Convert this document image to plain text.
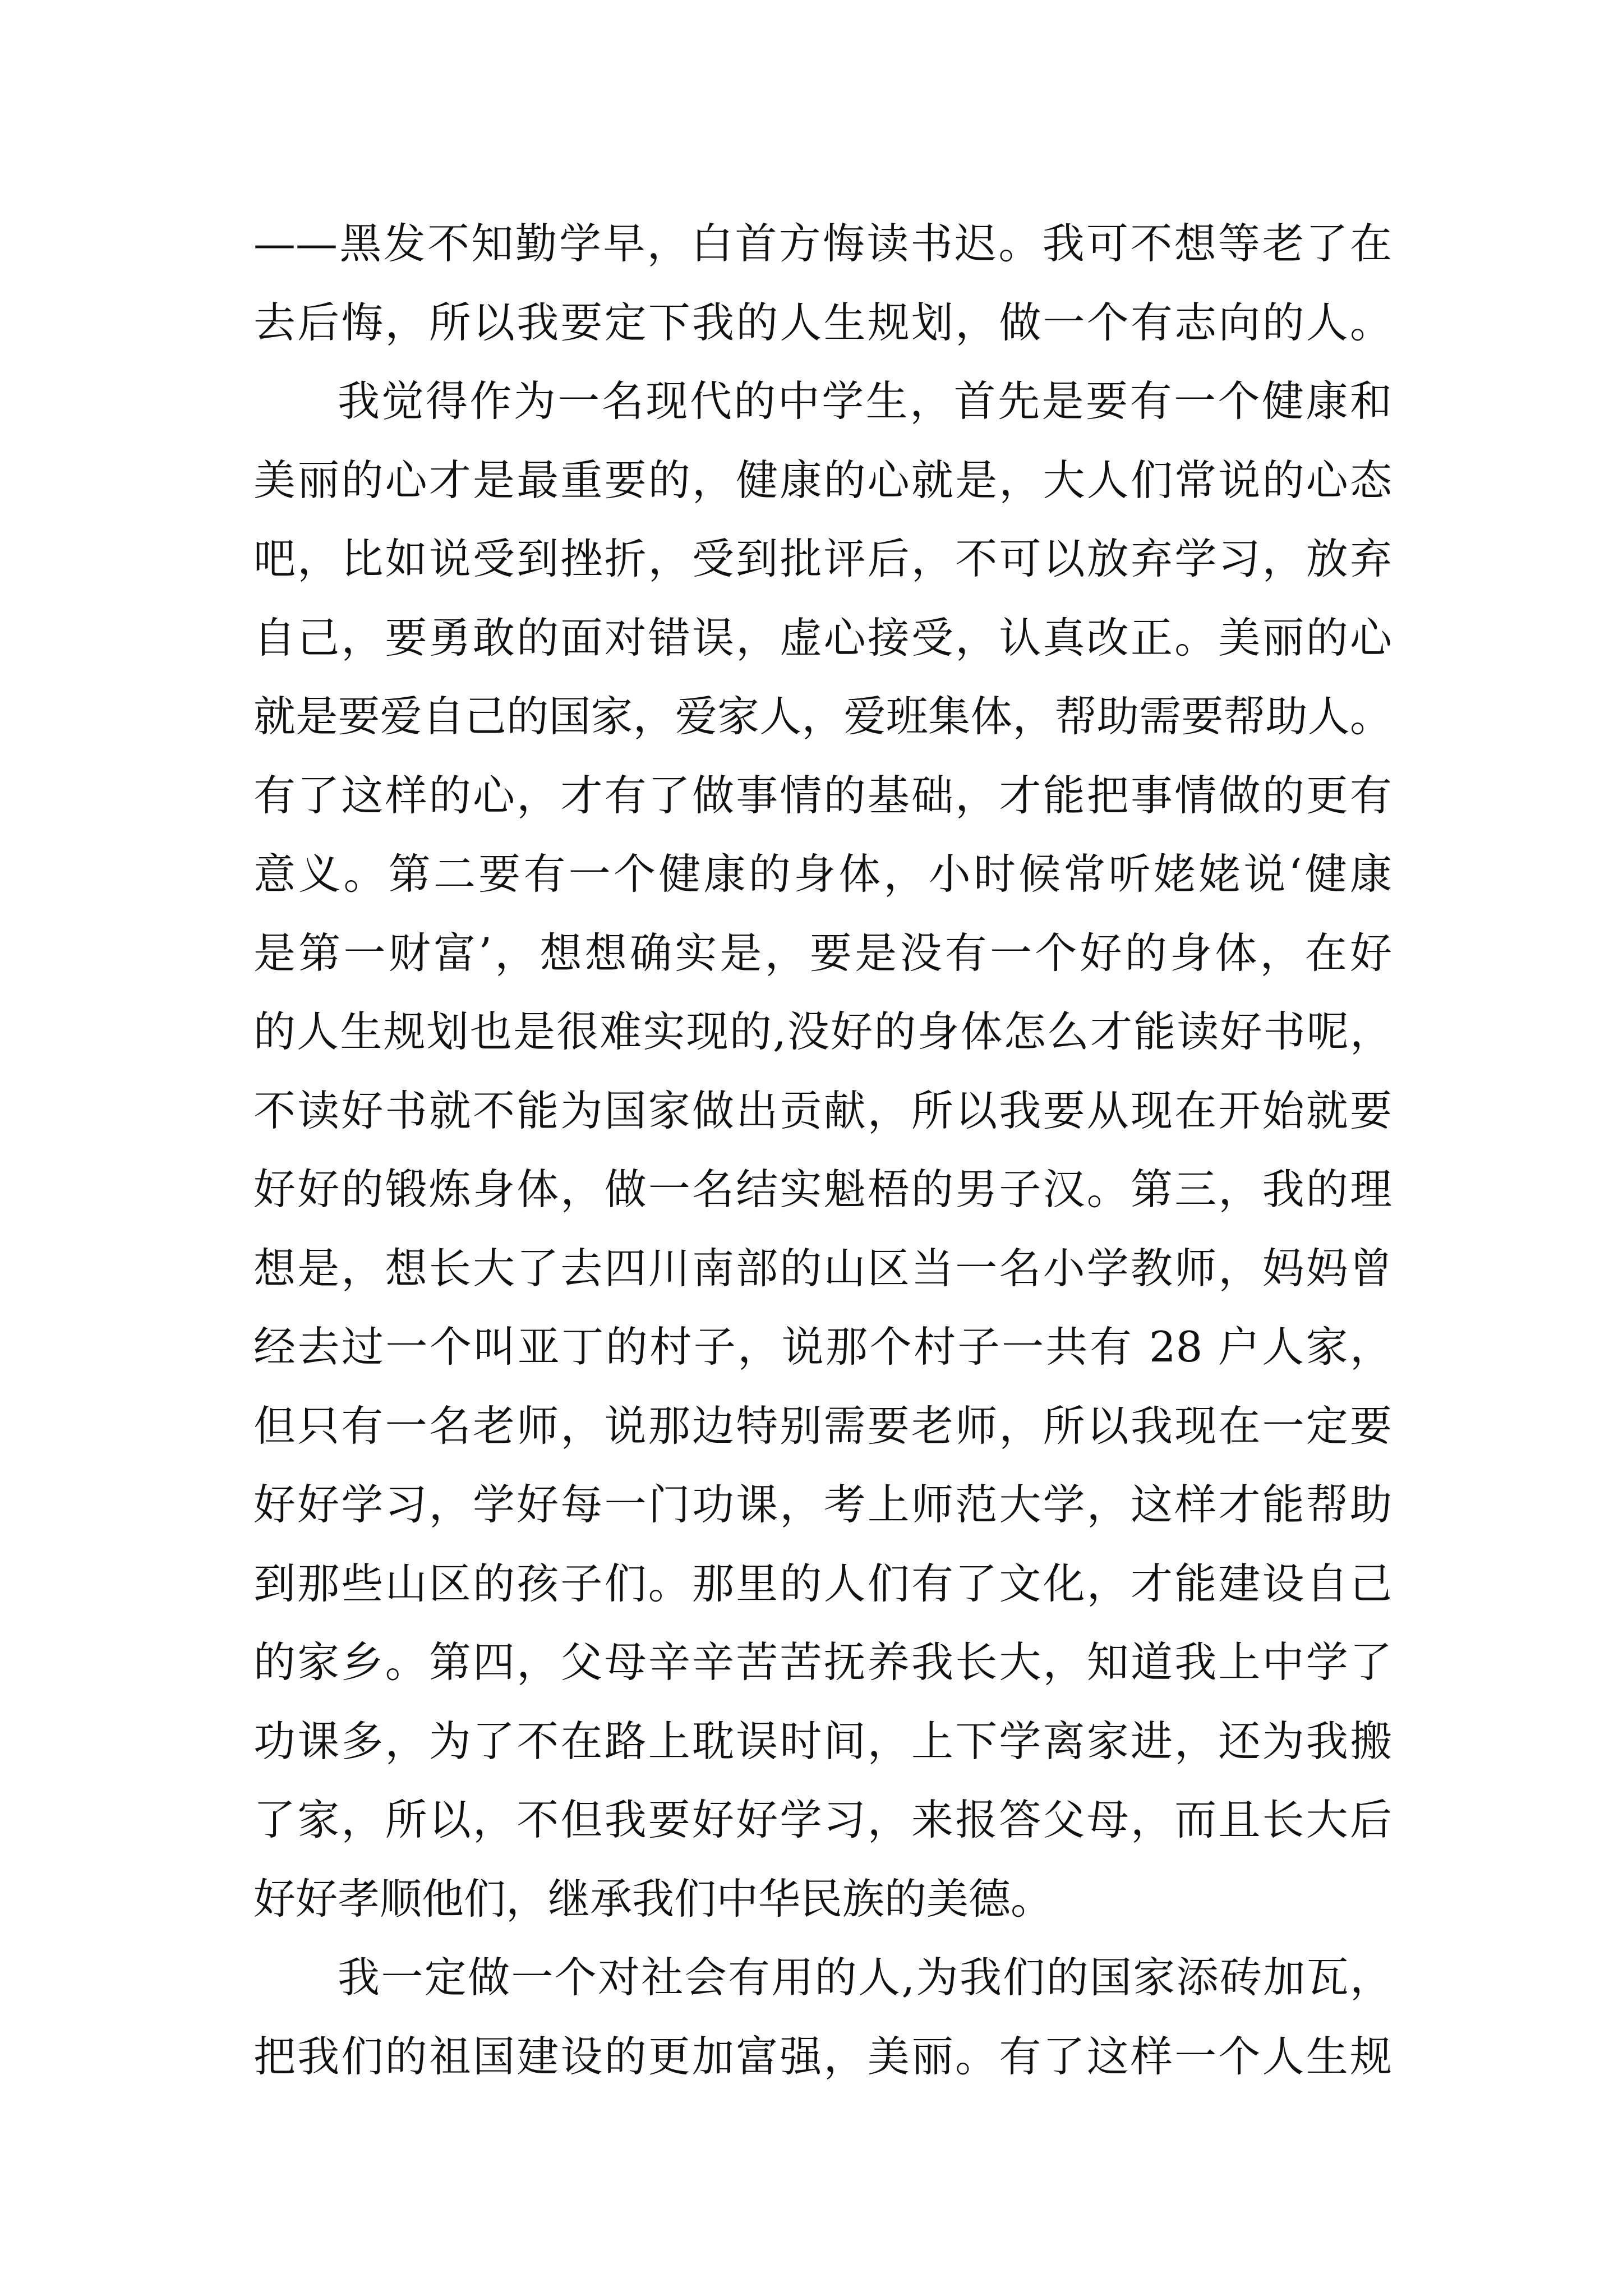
——黑发不知勤学早，白首方悔读书迟。我可不想等老了在
去后悔，所以我要定下我的人生规划，做一个有志向的人。
我觉得作为一名现代的中学生，首先是要有一个健康和
美丽的心才是最重要的，健康的心就是，大人们常说的心态
吧，比如说受到挫折，受到批评后，不可以放弃学习，放弃
自己，要勇敢的面对错误，虚心接受，认真改正。美丽的心
就是要爱自己的国家，爱家人，爱班集体，帮助需要帮助人。
有了这样的心，才有了做事情的基础，才能把事情做的更有
意义。第二要有一个健康的身体，小时候常听姥姥说‘健康
是第一财富’，想想确实是，要是没有一个好的身体，在好
的人生规划也是很难实现的,没好的身体怎么才能读好书呢，
不读好书就不能为国家做出贡献，所以我要从现在开始就要
好好的锻炼身体，做一名结实魁梧的男子汉。第三，我的理
想是，想长大了去四川南部的山区当一名小学教师，妈妈曾
经去过一个叫亚丁的村子，说那个村子一共有 28 户人家，
但只有一名老师，说那边特别需要老师，所以我现在一定要
好好学习，学好每一门功课，考上师范大学，这样才能帮助
到那些山区的孩子们。那里的人们有了文化，才能建设自己
的家乡。第四，父母辛辛苦苦抚养我长大，知道我上中学了
功课多，为了不在路上耽误时间，上下学离家进，还为我搬
了家，所以，不但我要好好学习，来报答父母，而且长大后
好好孝顺他们，继承我们中华民族的美德。
我一定做一个对社会有用的人,为我们的国家添砖加瓦，
把我们的祖国建设的更加富强，美丽。有了这样一个人生规
